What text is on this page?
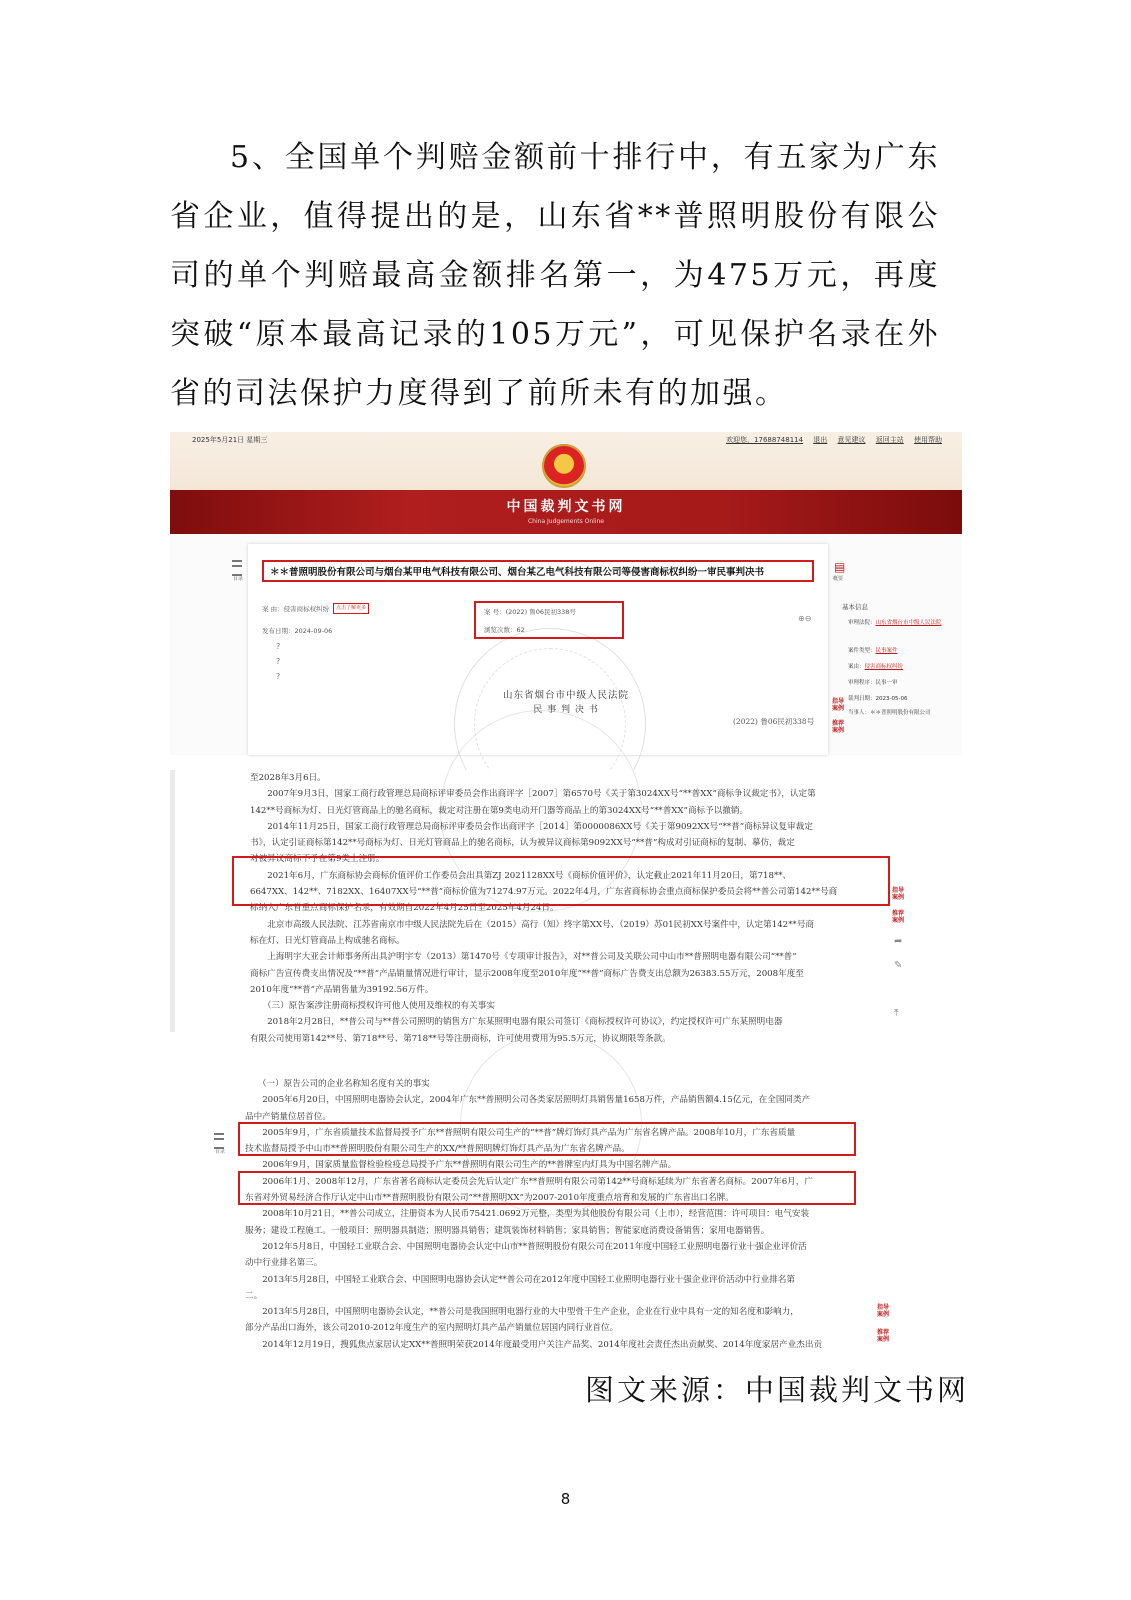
5、全国单个判赔金额前十排行中，有五家为广东省企业，值得提出的是，山东省**普照明股份有限公司的单个判赔最高金额排名第一，为475万元，再度突破“原本最高记录的105万元”，可见保护名录在外省的司法保护力度得到了前所未有的加强。

2025年5月21日 星期三	欢迎您，17688748114 退出 意见建议 返回主站 使用帮助
中国裁判文书网
China Judgements Online
目录
＊＊普照明股份有限公司与烟台某甲电气科技有限公司、烟台某乙电气科技有限公司等侵害商标权纠纷一审民事判决书
案 由：侵害商标权纠纷	点击了解更多
发布日期：2024-09-06
案 号：(2022) 鲁06民初338号
浏览次数：62
⊕⊖
?
?
?
山东省烟台市中级人民法院
民 事 判 决 书
(2022) 鲁06民初338号
▤
概要
基本信息
审理法院：山东省烟台市中级人民法院
案件类型：民事案件
案由：侵害商标权纠纷
审理程序：民事一审
裁判日期：2023-05-06
当事人：＊＊普照明股份有限公司
指导案例
推荐案例
至2028年3月6日。
　　2007年9月3日，国家工商行政管理总局商标评审委员会作出商评字［2007］第6570号《关于第3024XX号“**普XX”商标争议裁定书》，认定第
142**号商标为灯、日光灯管商品上的驰名商标，裁定对注册在第9类电动开门器等商品上的第3024XX号“**普XX”商标予以撤销。
　　2014年11月25日，国家工商行政管理总局商标评审委员会作出商评字［2014］第0000086XX号《关于第9092XX号“**普”商标异议复审裁定
书》，认定引证商标第142**号商标为灯、日光灯管商品上的驰名商标，认为被异议商标第9092XX号“**普”构成对引证商标的复制、摹仿，裁定
对被异议商标不予在第9类上注册。
　　2021年6月，广东商标协会商标价值评价工作委员会出具第ZJ 2021128XX号《商标价值评价》，认定截止2021年11月20日，第718**、
6647XX、142**、7182XX、16407XX号“**普”商标价值为71274.97万元。2022年4月，广东省商标协会重点商标保护委员会将**普公司第142**号商
标纳入广东省重点商标保护名录，有效期自2022年4月25日至2025年4月24日。
　　北京市高级人民法院、江苏省南京市中级人民法院先后在（2015）高行（知）终字第XX号、（2019）苏01民初XX号案件中，认定第142**号商
标在灯、日光灯管商品上构成驰名商标。
　　上海明宇大亚会计师事务所出具沪明宇专（2013）第1470号《专项审计报告》，对**普公司及关联公司中山市**普照明电器有限公司“**普”
商标广告宣传费支出情况及“**普”产品销量情况进行审计，显示2008年度至2010年度“**普”商标广告费支出总额为26383.55万元，2008年度至
2010年度“**普”产品销售量为39192.56万件。
　　（三）原告案涉注册商标授权许可他人使用及维权的有关事实
　　2018年2月28日，**普公司与**普公司照明的销售方广东某照明电器有限公司签订《商标授权许可协议》，约定授权许可广东某照明电器
有限公司使用第142**号、第718**号、第718**号等注册商标，许可使用费用为95.5万元，协议期限等条款。
指导案例
推荐案例
➦
✎
⤒
　　（一）原告公司的企业名称知名度有关的事实
　　2005年6月20日，中国照明电器协会认定，2004年广东**普照明公司各类家居照明灯具销售量1658万件，产品销售额4.15亿元，在全国同类产
品中产销量位居首位。
　　2005年9月，广东省质量技术监督局授予广东**普照明有限公司生产的“**普”牌灯饰灯具产品为广东省名牌产品。2008年10月，广东省质量
技术监督局授予中山市**普照明股份有限公司生产的XX/**普照明牌灯饰灯具产品为广东省名牌产品。
　　2006年9月，国家质量监督检验检疫总局授予广东**普照明有限公司生产的**普牌室内灯具为中国名牌产品。
　　2006年1月、2008年12月，广东省著名商标认定委员会先后认定广东**普照明有限公司第142**号商标延续为广东省著名商标。2007年6月，广
东省对外贸易经济合作厅认定中山市**普照明股份有限公司“**普照明XX”为2007-2010年度重点培育和发展的广东省出口名牌。
　　2008年10月21日，**普公司成立，注册资本为人民币75421.0692万元整，类型为其他股份有限公司（上市），经营范围：许可项目：电气安装
服务；建设工程施工。一般项目：照明器具制造；照明器具销售；建筑装饰材料销售；家具销售；智能家庭消费设备销售；家用电器销售。
　　2012年5月8日，中国轻工业联合会、中国照明电器协会认定中山市**普照明股份有限公司在2011年度中国轻工业照明电器行业十强企业评价活
动中行业排名第三。
　　2013年5月28日，中国轻工业联合会、中国照明电器协会认定**普公司在2012年度中国轻工业照明电器行业十强企业评价活动中行业排名第
二。
　　2013年5月28日，中国照明电器协会认定，**普公司是我国照明电器行业的大中型骨干生产企业，企业在行业中具有一定的知名度和影响力，
部分产品出口海外，该公司2010-2012年度生产的室内照明灯具产品产销量位居国内同行业首位。
　　2014年12月19日，搜狐焦点家居认定XX**普照明荣获2014年度最受用户关注产品奖、2014年度社会责任杰出贡献奖、2014年度家居产业杰出贡
目录
指导案例
推荐案例
图文来源：中国裁判文书网
8
